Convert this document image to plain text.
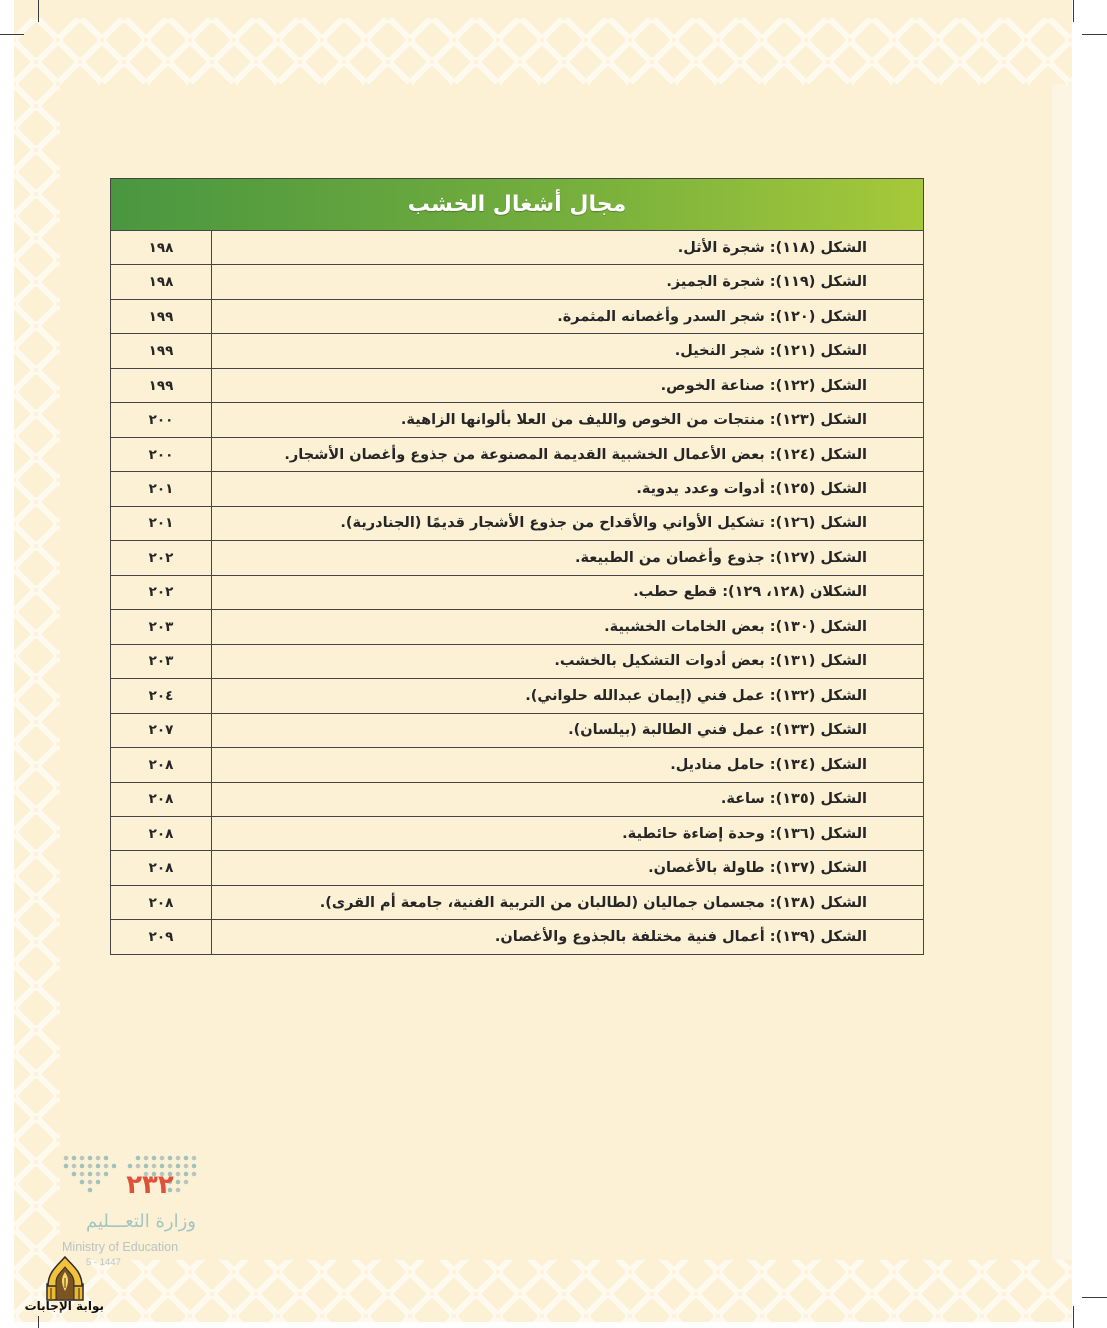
مجال أشغال الخشب
الشكل (١١٨): شجرة الأثل.
١٩٨
الشكل (١١٩): شجرة الجميز.
١٩٨
الشكل (١٢٠): شجر السدر وأغصانه المثمرة.
١٩٩
الشكل (١٢١): شجر النخيل.
١٩٩
الشكل (١٢٢): صناعة الخوص.
١٩٩
الشكل (١٢٣): منتجات من الخوص والليف من العلا بألوانها الزاهية.
٢٠٠
الشكل (١٢٤): بعض الأعمال الخشبية القديمة المصنوعة من جذوع وأغصان الأشجار.
٢٠٠
الشكل (١٢٥): أدوات وعدد يدوية.
٢٠١
الشكل (١٢٦): تشكيل الأواني والأقداح من جذوع الأشجار قديمًا (الجنادرية).
٢٠١
الشكل (١٢٧): جذوع وأغصان من الطبيعة.
٢٠٢
الشكلان (١٢٨، ١٢٩): قطع حطب.
٢٠٢
الشكل (١٣٠): بعض الخامات الخشبية.
٢٠٣
الشكل (١٣١): بعض أدوات التشكيل بالخشب.
٢٠٣
الشكل (١٣٢): عمل فني (إيمان عبدالله حلواني).
٢٠٤
الشكل (١٣٣): عمل فني الطالبة (بيلسان).
٢٠٧
الشكل (١٣٤): حامل مناديل.
٢٠٨
الشكل (١٣٥): ساعة.
٢٠٨
الشكل (١٣٦): وحدة إضاءة حائطية.
٢٠٨
الشكل (١٣٧): طاولة بالأغصان.
٢٠٨
الشكل (١٣٨): مجسمان جماليان (لطالبان من التربية الفنية، جامعة أم القرى).
٢٠٨
الشكل (١٣٩): أعمال فنية مختلفة بالجذوع والأغصان.
٢٠٩
٢٣٢
وزارة التعـــليم
Ministry of Education
5 - 1447
بوابة الإجابات
